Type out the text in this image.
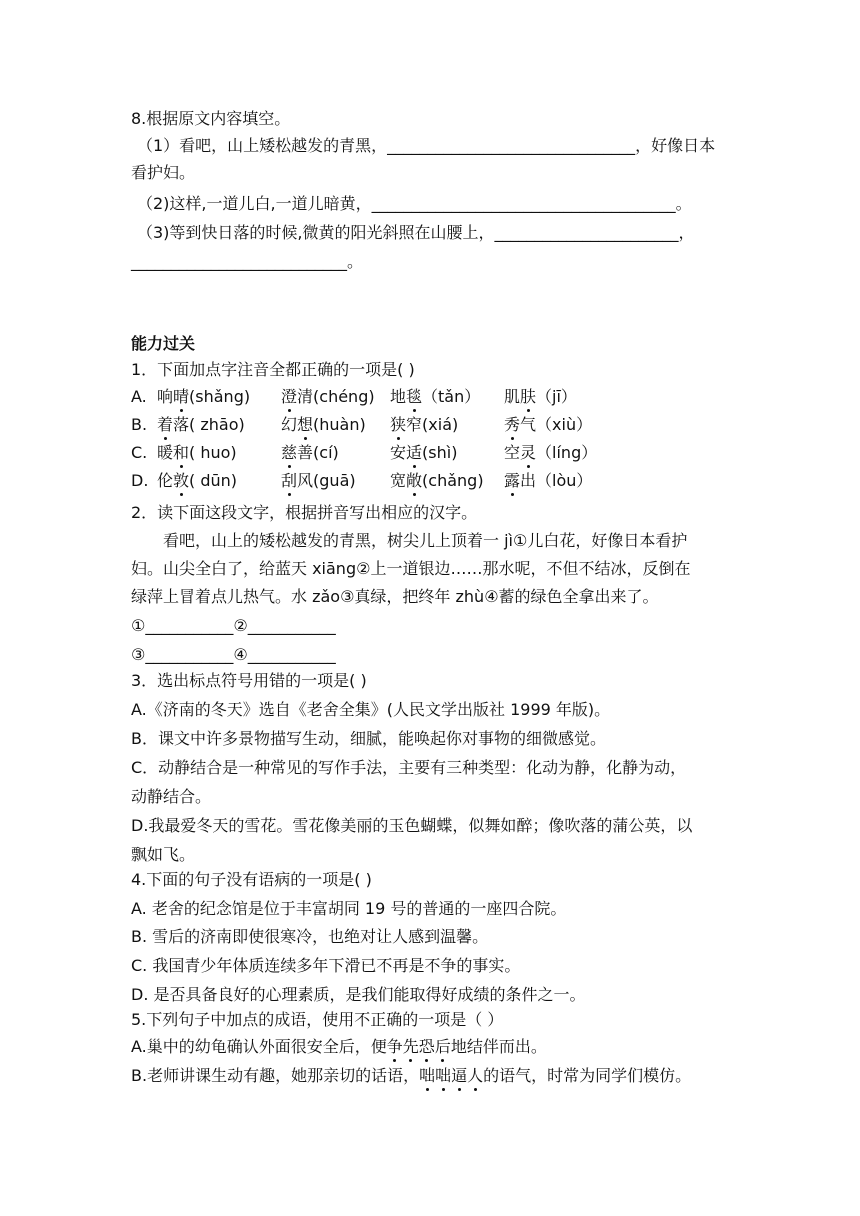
8.根据原文内容填空。
（1）看吧，山上矮松越发的青黑，_______________________________，好像日本
看护妇。
（2)这样,一道儿白,一道儿暗黄，______________________________________。
（3)等到快日落的时候,微黄的阳光斜照在山腰上，_______________________，
___________________________。
能力过关
1．下面加点字注音全都正确的一项是( )
A. 响晴(shǎng) 澄清(chéng) 地毯（tǎn） 肌肤（jī）
B. 着落( zhāo) 幻想(huàn) 狭窄(xiá)	秀气（xiù）
C. 暖和( huo)	慈善(cí)	安适(shì)	空灵（líng）
D. 伦敦( dūn)	刮风(guā) 宽敞(chǎng) 露出（lòu）
2．读下面这段文字，根据拼音写出相应的汉字。
看吧，山上的矮松越发的青黑，树尖儿上顶着一 jì①儿白花，好像日本看护
妇。山尖全白了，给蓝天 xiāng②上一道银边……那水呢，不但不结冰，反倒在
绿萍上冒着点儿热气。水 zǎo③真绿，把终年 zhù④蓄的绿色全拿出来了。
①___________②___________
③___________④___________
3．选出标点符号用错的一项是( )
A.《济南的冬天》选自《老舍全集》(人民文学出版社 1999 年版)。
B．课文中许多景物描写生动，细腻，能唤起你对事物的细微感觉。
C．动静结合是一种常见的写作手法，主要有三种类型：化动为静，化静为动，
动静结合。
D.我最爱冬天的雪花。雪花像美丽的玉色蝴蝶，似舞如醉；像吹落的蒲公英，以
飘如飞。
4.下面的句子没有语病的一项是( )
A. 老舍的纪念馆是位于丰富胡同 19 号的普通的一座四合院。
B. 雪后的济南即使很寒冷，也绝对让人感到温馨。
C. 我国青少年体质连续多年下滑已不再是不争的事实。
D. 是否具备良好的心理素质，是我们能取得好成绩的条件之一。
5.下列句子中加点的成语，使用不正确的一项是（ ）
A.巢中的幼龟确认外面很安全后，便争先恐后地结伴而出。
B.老师讲课生动有趣，她那亲切的话语，咄咄逼人的语气，时常为同学们模仿。
